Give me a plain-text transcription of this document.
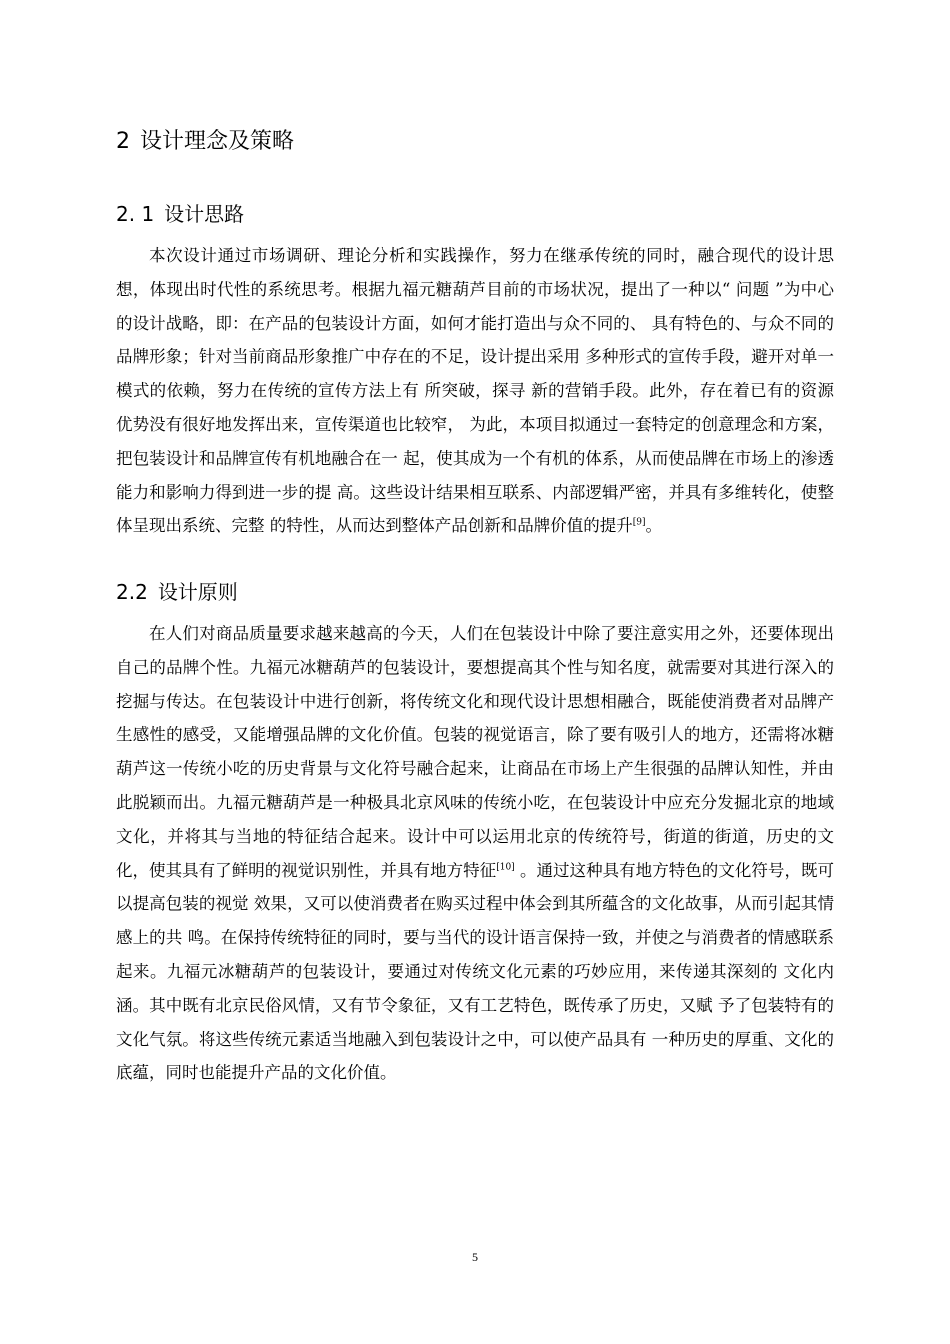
2 设计理念及策略
2. 1 设计思路

本次设计通过市场调研、理论分析和实践操作，努力在继承传统的同时，融合现代的设计思想，体现出时代性的系统思考。根据九福元糖葫芦目前的市场状况，提出了一种以“ 问题 ”为中心的设计战略，即：在产品的包装设计方面，如何才能打造出与众不同的、 具有特色的、与众不同的品牌形象；针对当前商品形象推广中存在的不足，设计提出采用 多种形式的宣传手段，避开对单一模式的依赖，努力在传统的宣传方法上有 所突破，探寻 新的营销手段。此外，存在着已有的资源优势没有很好地发挥出来，宣传渠道也比较窄， 为此，本项目拟通过一套特定的创意理念和方案，把包装设计和品牌宣传有机地融合在一 起，使其成为一个有机的体系，从而使品牌在市场上的渗透能力和影响力得到进一步的提 高。这些设计结果相互联系、内部逻辑严密，并具有多维转化，使整体呈现出系统、完整 的特性，从而达到整体产品创新和品牌价值的提升[9]。

2.2 设计原则

在人们对商品质量要求越来越高的今天，人们在包装设计中除了要注意实用之外，还要体现出自己的品牌个性。九福元冰糖葫芦的包装设计，要想提高其个性与知名度，就需要对其进行深入的挖掘与传达。在包装设计中进行创新，将传统文化和现代设计思想相融合，既能使消费者对品牌产生感性的感受，又能增强品牌的文化价值。包装的视觉语言，除了要有吸引人的地方，还需将冰糖葫芦这一传统小吃的历史背景与文化符号融合起来，让商品在市场上产生很强的品牌认知性，并由此脱颖而出。九福元糖葫芦是一种极具北京风味的传统小吃，在包装设计中应充分发掘北京的地域文化，并将其与当地的特征结合起来。设计中可以运用北京的传统符号，街道的街道，历史的文化，使其具有了鲜明的视觉识别性，并具有地方特征[10] 。通过这种具有地方特色的文化符号，既可以提高包装的视觉 效果，又可以使消费者在购买过程中体会到其所蕴含的文化故事，从而引起其情感上的共 鸣。在保持传统特征的同时，要与当代的设计语言保持一致，并使之与消费者的情感联系 起来。九福元冰糖葫芦的包装设计，要通过对传统文化元素的巧妙应用，来传递其深刻的 文化内涵。其中既有北京民俗风情，又有节令象征，又有工艺特色，既传承了历史，又赋 予了包装特有的文化气氛。将这些传统元素适当地融入到包装设计之中，可以使产品具有 一种历史的厚重、文化的底蕴，同时也能提升产品的文化价值。

5
